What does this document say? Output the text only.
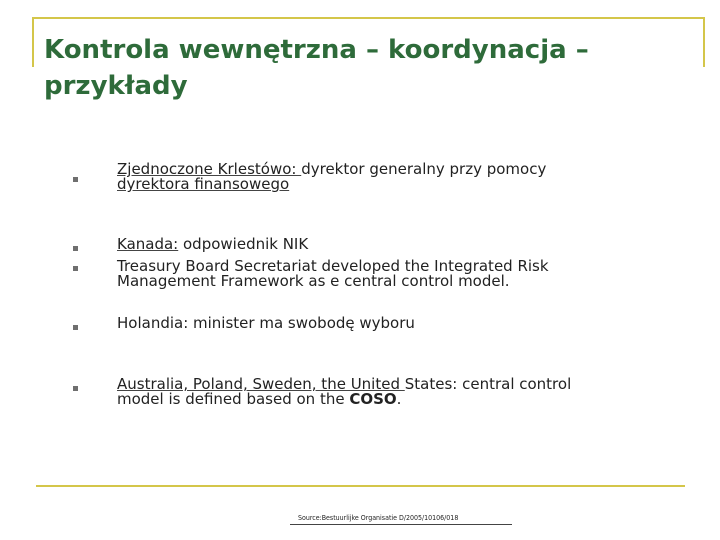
Kontrola wewnętrzna – koordynacja – przykłady
Zjednoczone Krlestówo: dyrektor generalny przy pomocy
dyrektora finansowego
Kanada: odpowiednik NIK
Treasury Board Secretariat developed the Integrated Risk
Management Framework as e central control model.
Holandia: minister ma swobodę wyboru
Australia, Poland, Sweden, the United States: central control
model is defined based on the COSO.
Source:Bestuurlijke Organisatie D/2005/10106/018
